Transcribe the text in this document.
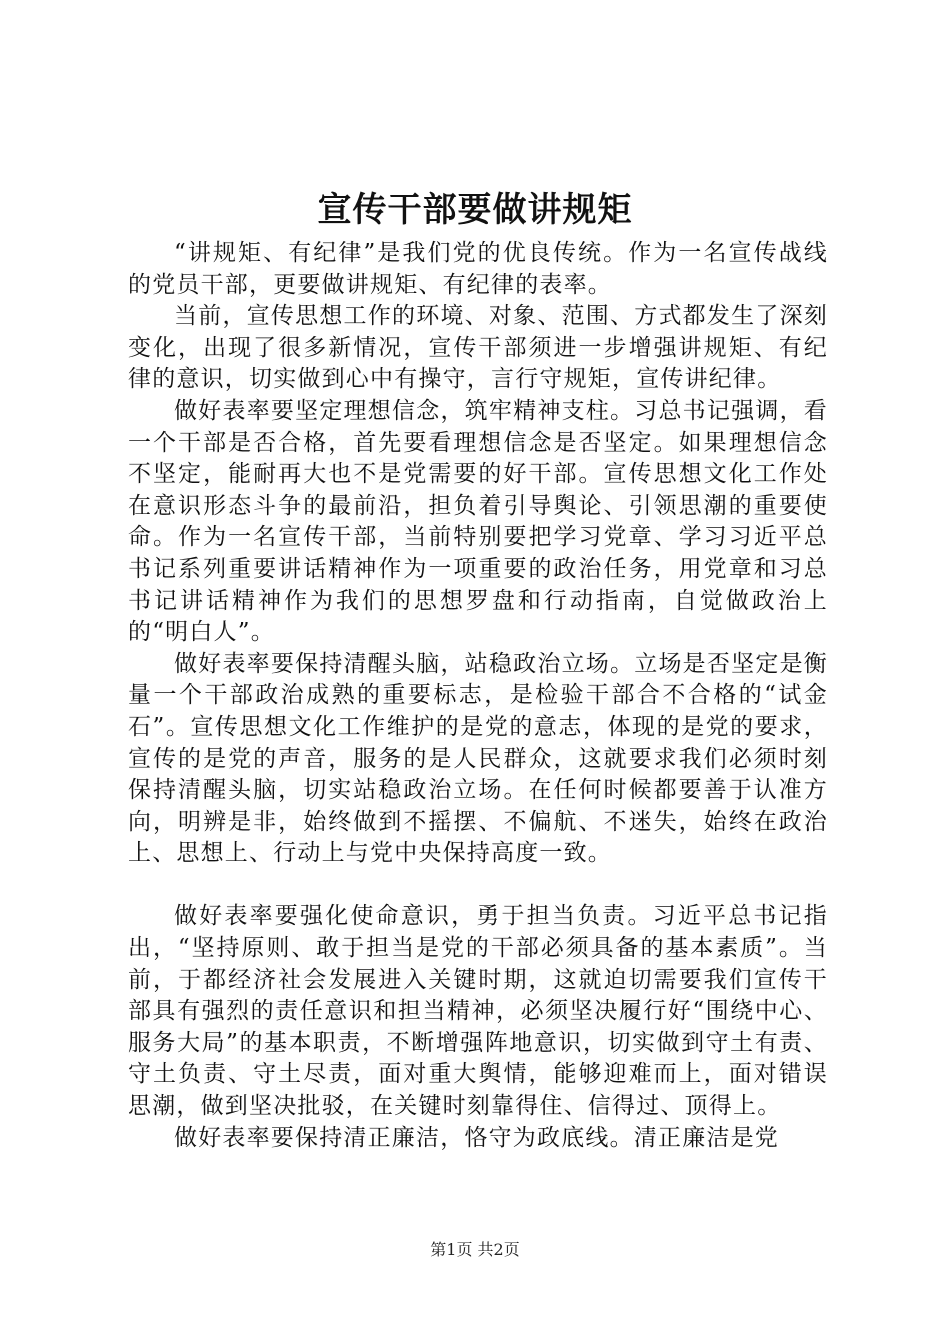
宣传干部要做讲规矩

“讲规矩、有纪律”是我们党的优良传统。作为一名宣传战线的党员干部，更要做讲规矩、有纪律的表率。

当前，宣传思想工作的环境、对象、范围、方式都发生了深刻变化，出现了很多新情况，宣传干部须进一步增强讲规矩、有纪律的意识，切实做到心中有操守，言行守规矩，宣传讲纪律。

做好表率要坚定理想信念，筑牢精神支柱。习总书记强调，看一个干部是否合格，首先要看理想信念是否坚定。如果理想信念不坚定，能耐再大也不是党需要的好干部。宣传思想文化工作处在意识形态斗争的最前沿，担负着引导舆论、引领思潮的重要使命。作为一名宣传干部，当前特别要把学习党章、学习习近平总书记系列重要讲话精神作为一项重要的政治任务，用党章和习总书记讲话精神作为我们的思想罗盘和行动指南，自觉做政治上的“明白人”。

做好表率要保持清醒头脑，站稳政治立场。立场是否坚定是衡量一个干部政治成熟的重要标志，是检验干部合不合格的“试金石”。宣传思想文化工作维护的是党的意志，体现的是党的要求，宣传的是党的声音，服务的是人民群众，这就要求我们必须时刻保持清醒头脑，切实站稳政治立场。在任何时候都要善于认准方向，明辨是非，始终做到不摇摆、不偏航、不迷失，始终在政治上、思想上、行动上与党中央保持高度一致。

做好表率要强化使命意识，勇于担当负责。习近平总书记指出，“坚持原则、敢于担当是党的干部必须具备的基本素质”。当前，于都经济社会发展进入关键时期，这就迫切需要我们宣传干部具有强烈的责任意识和担当精神，必须坚决履行好“围绕中心、服务大局”的基本职责，不断增强阵地意识，切实做到守土有责、守土负责、守土尽责，面对重大舆情，能够迎难而上，面对错误思潮，做到坚决批驳，在关键时刻靠得住、信得过、顶得上。

做好表率要保持清正廉洁，恪守为政底线。清正廉洁是党

第1页 共2页
